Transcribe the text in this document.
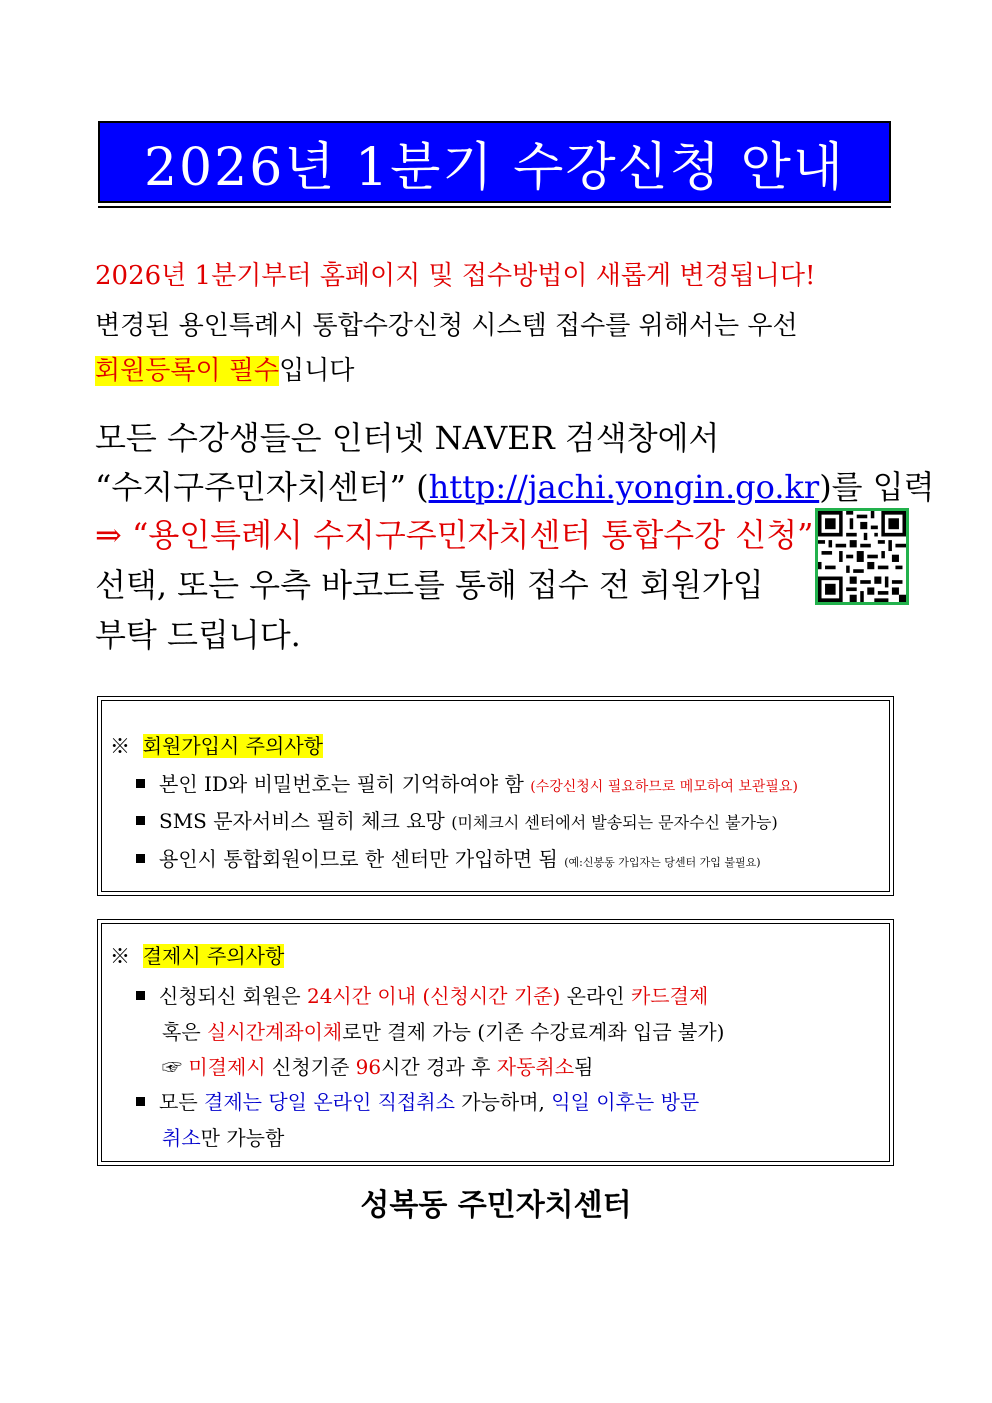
2026년 1분기 수강신청 안내
2026년 1분기부터 홈페이지 및 접수방법이 새롭게 변경됩니다!
변경된 용인특례시 통합수강신청 시스템 접수를 위해서는 우선
회원등록이 필수입니다
모든 수강생들은 인터넷 NAVER 검색창에서
“수지구주민자치센터” (http://jachi.yongin.go.kr)를 입력
⇒ “용인특례시 수지구주민자치센터 통합수강 신청”
선택, 또는 우측 바코드를 통해 접수 전 회원가입
부탁 드립니다.
※ 회원가입시 주의사항
본인 ID와 비밀번호는 필히 기억하여야 함 (수강신청시 필요하므로 메모하여 보관필요)
SMS 문자서비스 필히 체크 요망 (미체크시 센터에서 발송되는 문자수신 불가능)
용인시 통합회원이므로 한 센터만 가입하면 됨 (예:신봉동 가입자는 당센터 가입 불필요)
※ 결제시 주의사항
신청되신 회원은 24시간 이내 (신청시간 기준) 온라인 카드결제
혹은 실시간계좌이체로만 결제 가능 (기존 수강료계좌 입금 불가)
☞ 미결제시 신청기준 96시간 경과 후 자동취소됨
모든 결제는 당일 온라인 직접취소 가능하며, 익일 이후는 방문
취소만 가능함
성복동 주민자치센터
